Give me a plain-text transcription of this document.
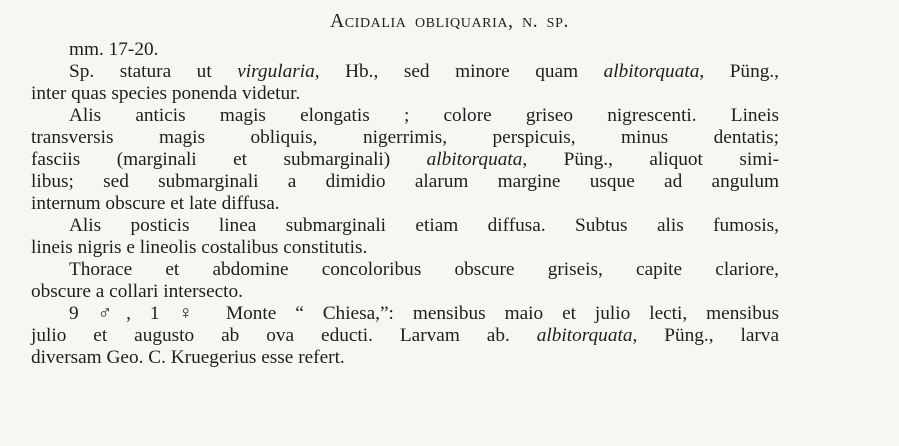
Acidalia obliquaria, n. sp.
mm. 17-20.
Sp. statura ut virgularia, Hb., sed minore quam albitorquata, Püng.,
inter quas species ponenda videtur.
Alis anticis magis elongatis ; colore griseo nigrescenti. Lineis
transversis magis obliquis, nigerrimis, perspicuis, minus dentatis;
fasciis (marginali et submarginali) albitorquata, Püng., aliquot simi-
libus; sed submarginali a dimidio alarum margine usque ad angulum
internum obscure et late diffusa.
Alis posticis linea submarginali etiam diffusa. Subtus alis fumosis,
lineis nigris e lineolis costalibus constitutis.
Thorace et abdomine concoloribus obscure griseis, capite clariore,
obscure a collari intersecto.
9 ♂, 1 ♀ Monte “ Chiesa,”: mensibus maio et julio lecti, mensibus
julio et augusto ab ova educti. Larvam ab. albitorquata, Püng., larva
diversam Geo. C. Kruegerius esse refert.
